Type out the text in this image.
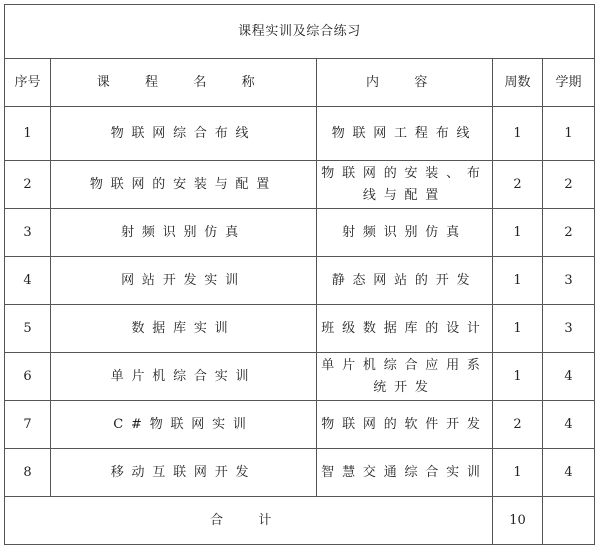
课程实训及综合练习				
序号	课 程 名 称	内 容	周数	学期
1	物联网综合布线	物联网工程布线	1	1
2	物联网的安装与配置	物联网的安装、布线与配置	2	2
3	射频识别仿真	射频识别仿真	1	2
4	网站开发实训	静态网站的开发	1	3
5	数据库实训	班级数据库的设计	1	3
6	单片机综合实训	单片机综合应用系统开发	1	4
7	C#物联网实训	物联网的软件开发	2	4
8	移动互联网开发	智慧交通综合实训	1	4
合 计			10	
